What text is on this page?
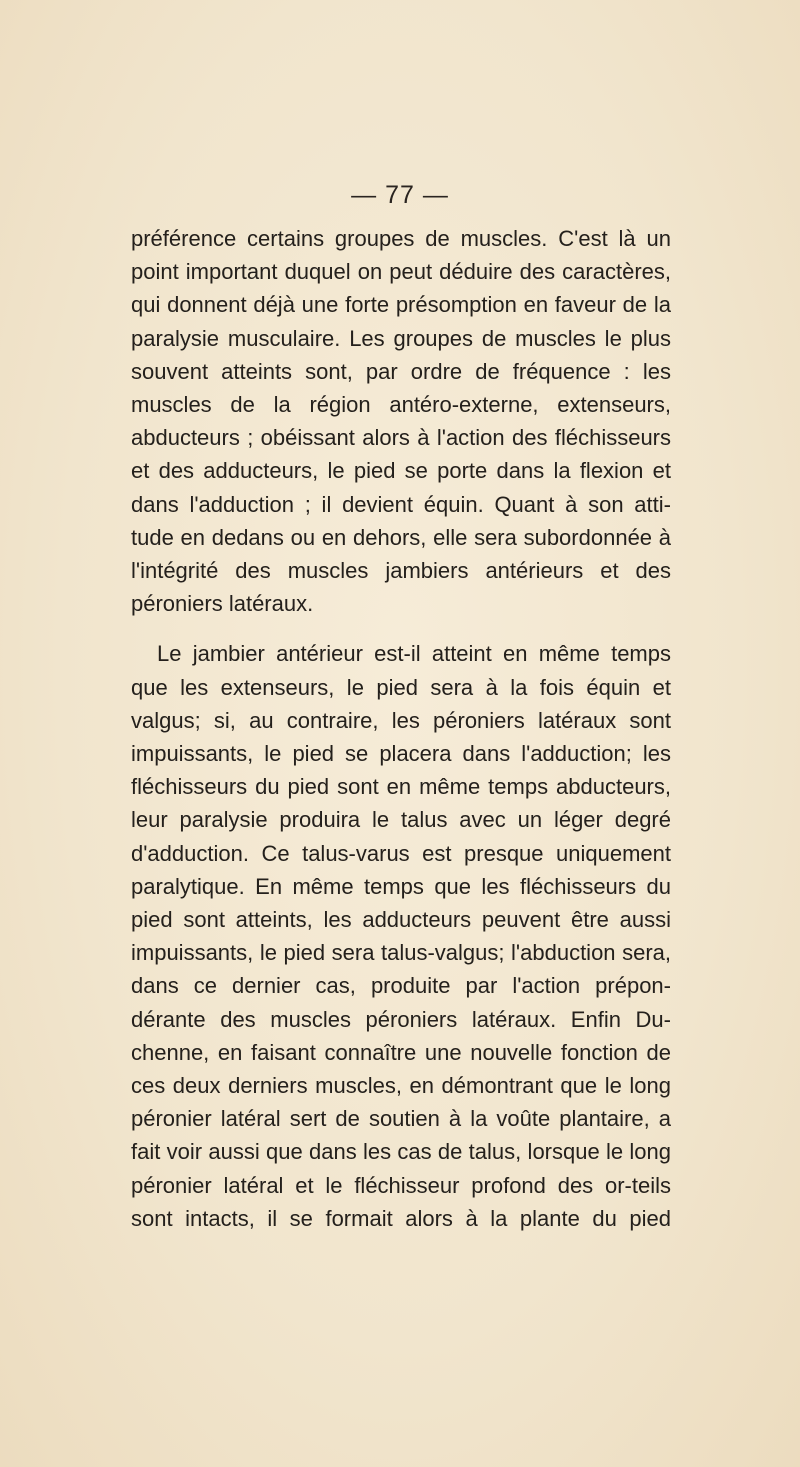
— 77 —

préférence certains groupes de muscles. C'est là un point important duquel on peut déduire des caractères, qui donnent déjà une forte présomption en faveur de la paralysie musculaire. Les groupes de muscles le plus souvent atteints sont, par ordre de fréquence : les muscles de la région antéro-externe, extenseurs, abducteurs ; obéissant alors à l'action des fléchisseurs et des adducteurs, le pied se porte dans la flexion et dans l'adduction ; il devient équin. Quant à son atti-tude en dedans ou en dehors, elle sera subordonnée à l'intégrité des muscles jambiers antérieurs et des péroniers latéraux.

Le jambier antérieur est-il atteint en même temps que les extenseurs, le pied sera à la fois équin et valgus; si, au contraire, les péroniers latéraux sont impuissants, le pied se placera dans l'adduction; les fléchisseurs du pied sont en même temps abducteurs, leur paralysie produira le talus avec un léger degré d'adduction. Ce talus-varus est presque uniquement paralytique. En même temps que les fléchisseurs du pied sont atteints, les adducteurs peuvent être aussi impuissants, le pied sera talus-valgus; l'abduction sera, dans ce dernier cas, produite par l'action prépon-dérante des muscles péroniers latéraux. Enfin Du-chenne, en faisant connaître une nouvelle fonction de ces deux derniers muscles, en démontrant que le long péronier latéral sert de soutien à la voûte plantaire, a fait voir aussi que dans les cas de talus, lorsque le long péronier latéral et le fléchisseur profond des or-teils sont intacts, il se formait alors à la plante du pied
